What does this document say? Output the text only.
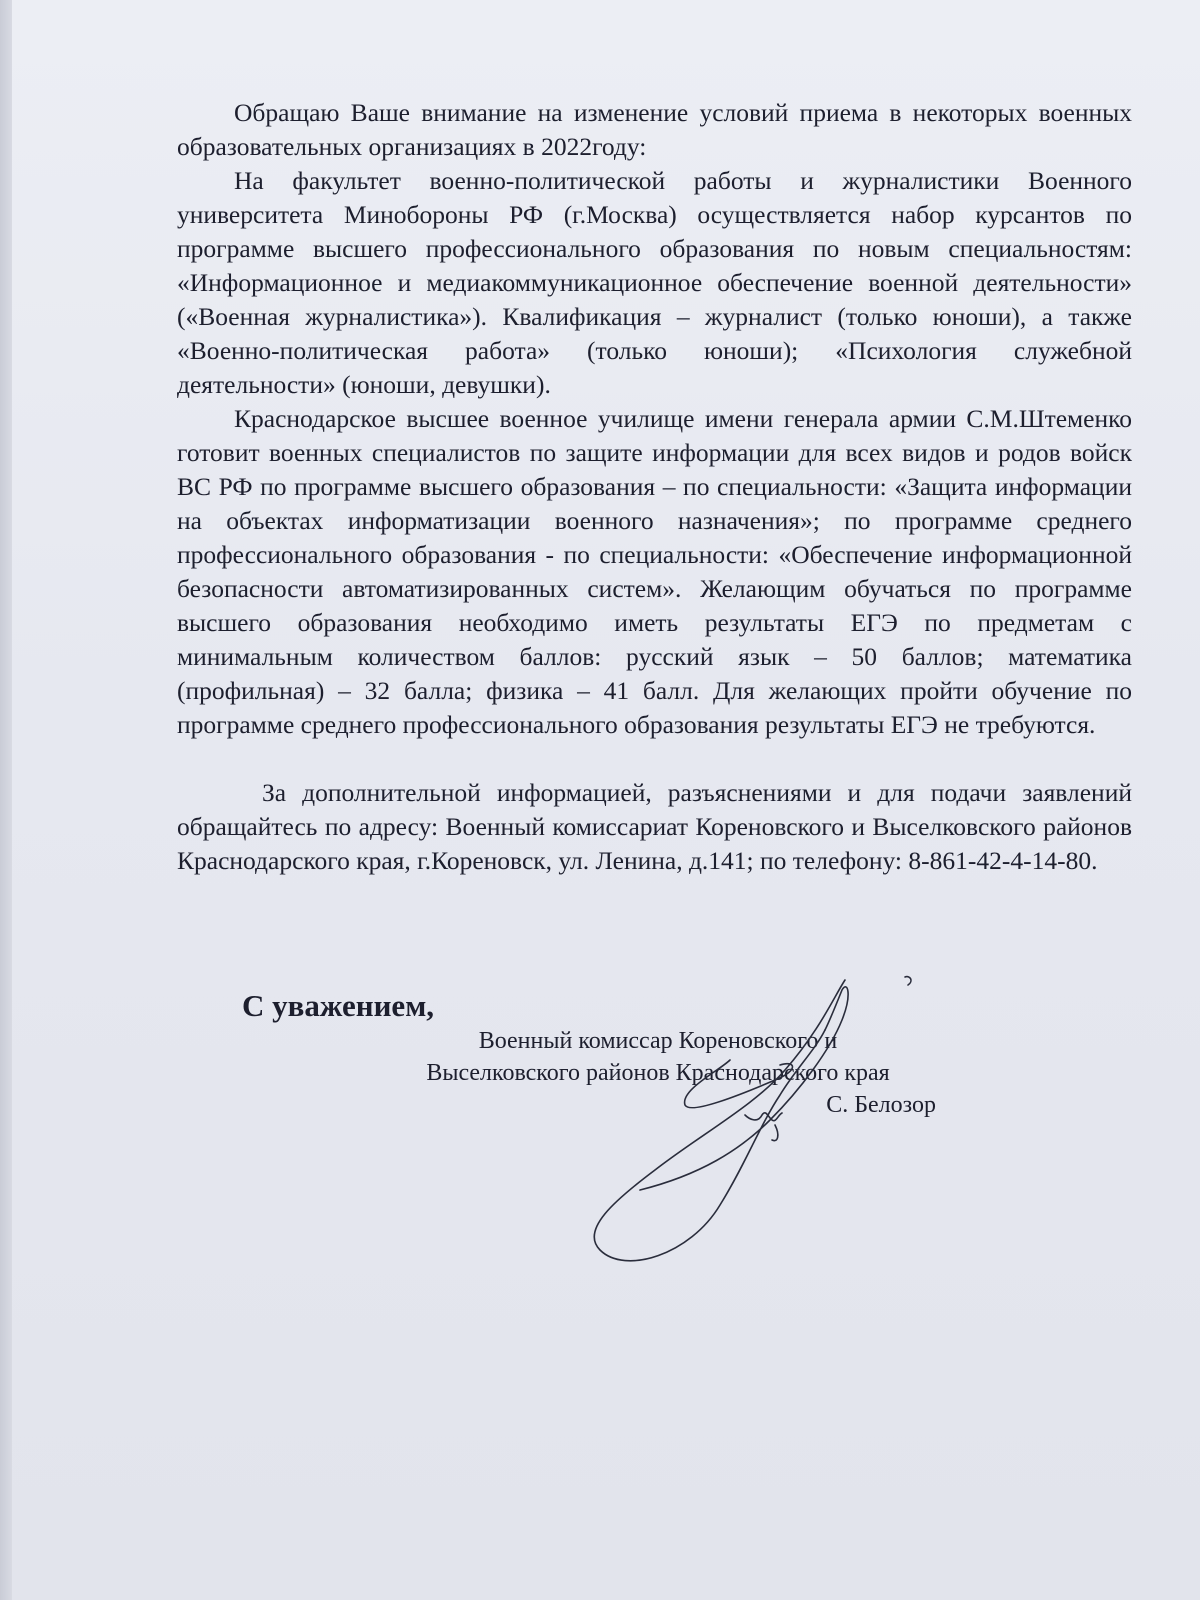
Обращаю Ваше внимание на изменение условий приема в некоторых военных образовательных организациях в 2022году:

На факультет военно-политической работы и журналистики Военного университета Минобороны РФ (г.Москва) осуществляется набор курсантов по программе высшего профессионального образования по новым специальностям: «Информационное и медиакоммуникационное обеспечение военной деятельности» («Военная журналистика»). Квалификация – журналист (только юноши), а также «Военно-политическая работа» (только юноши); «Психология служебной деятельности» (юноши, девушки).

Краснодарское высшее военное училище имени генерала армии С.М.Штеменко готовит военных специалистов по защите информации для всех видов и родов войск ВС РФ по программе высшего образования – по специальности: «Защита информации на объектах информатизации военного назначения»; по программе среднего профессионального образования - по специальности: «Обеспечение информационной безопасности автоматизированных систем». Желающим обучаться по программе высшего образования необходимо иметь результаты ЕГЭ по предметам с минимальным количеством баллов: русский язык – 50 баллов; математика (профильная) – 32 балла; физика – 41 балл. Для желающих пройти обучение по программе среднего профессионального образования результаты ЕГЭ не требуются.

За дополнительной информацией, разъяснениями и для подачи заявлений обращайтесь по адресу: Военный комиссариат Кореновского и Выселковского районов Краснодарского края, г.Кореновск, ул. Ленина, д.141; по телефону: 8-861-42-4-14-80.

С уважением,
Военный комиссар Кореновского и
Выселковского районов Краснодарского края
С. Белозор
